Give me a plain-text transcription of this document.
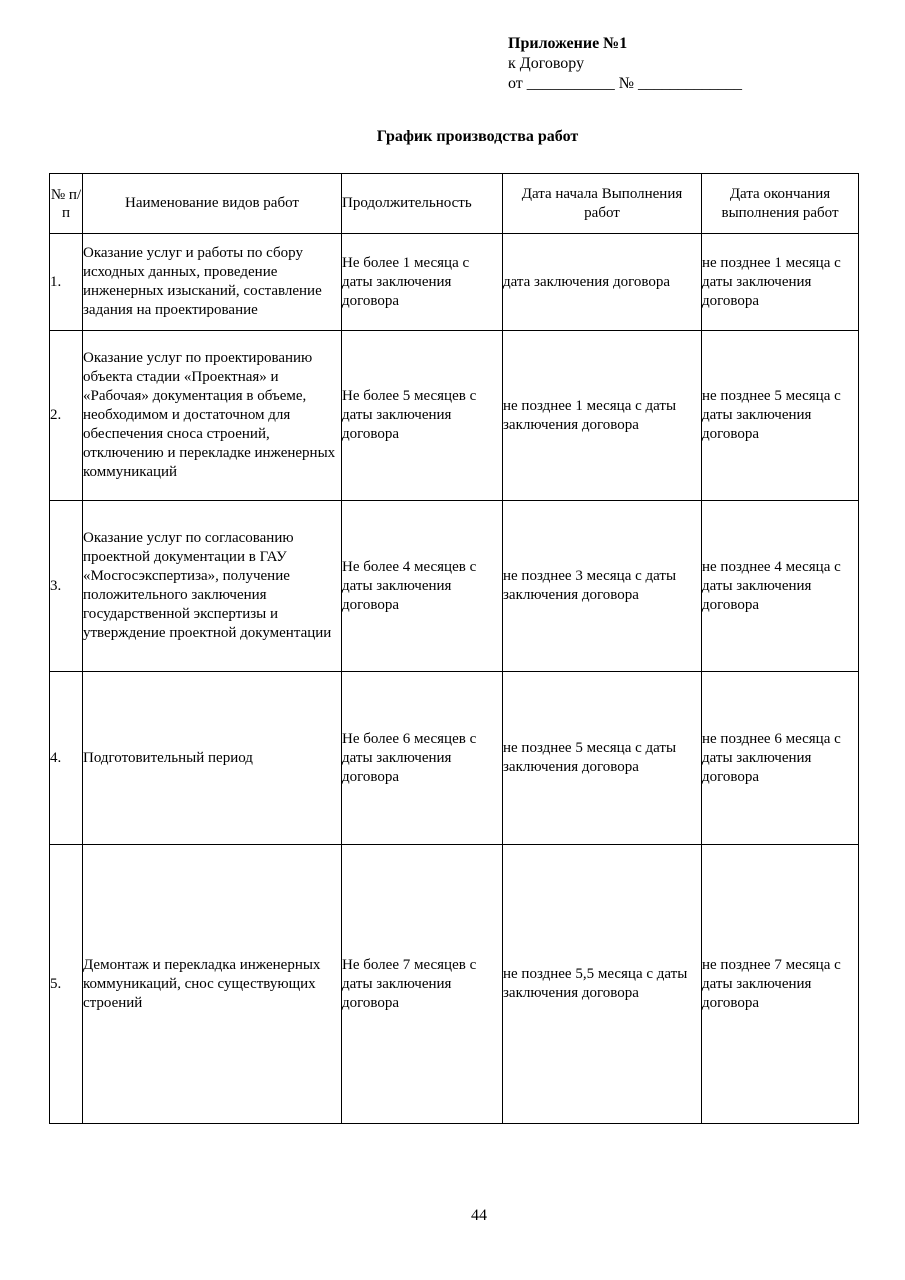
Приложение №1
к Договору
от ___________ № _____________
График производства работ
№ п/ п	Наименование видов работ	Продолжительность	Дата начала Выполнения работ	Дата окончания выполнения работ
1.	Оказание услуг и работы по сбору исходных данных, проведение инженерных изысканий, составление задания на проектирование	Не более 1 месяца с даты заключения договора	дата заключения договора	не позднее 1 месяца с даты заключения договора
2.	Оказание услуг по проектированию объекта стадии «Проектная» и «Рабочая» документация в объеме, необходимом и достаточном для обеспечения сноса строений, отключению и перекладке инженерных коммуникаций	Не более 5 месяцев с даты заключения договора	не позднее 1 месяца с даты заключения договора	не позднее 5 месяца с даты заключения договора
3.	Оказание услуг по согласованию проектной документации в ГАУ «Мосгосэкспертиза», получение положительного заключения государственной экспертизы и утверждение проектной документации	Не более 4 месяцев с даты заключения договора	не позднее 3 месяца с даты заключения договора	не позднее 4 месяца с даты заключения договора
4.	Подготовительный период	Не более 6 месяцев с даты заключения договора	не позднее 5 месяца с даты заключения договора	не позднее 6 месяца с даты заключения договора
5.	Демонтаж и перекладка инженерных коммуникаций, снос существующих строений	Не более 7 месяцев с даты заключения договора	не позднее 5,5 месяца с даты заключения договора	не позднее 7 месяца с даты заключения договора
44
